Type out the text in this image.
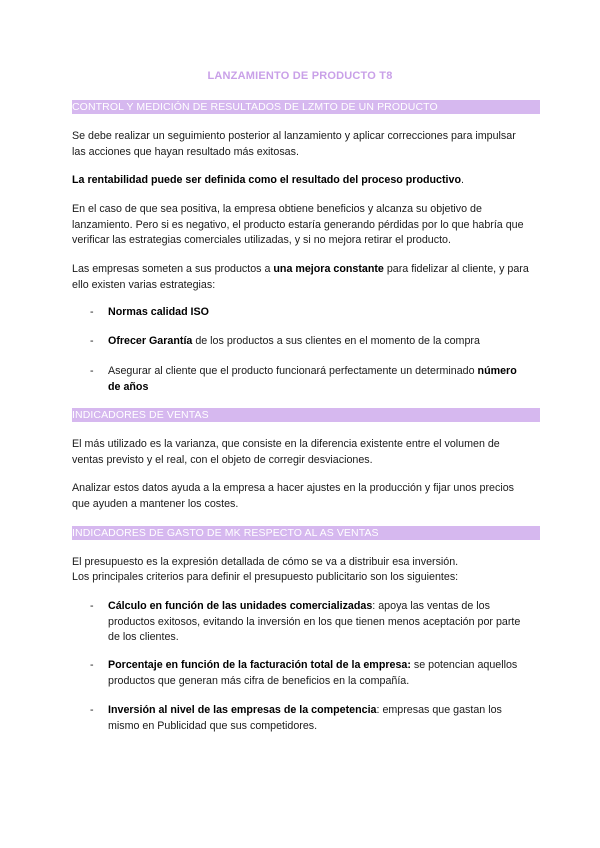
LANZAMIENTO DE PRODUCTO T8
CONTROL Y MEDICIÓN DE RESULTADOS DE LZMTO DE UN PRODUCTO

Se debe realizar un seguimiento posterior al lanzamiento y aplicar correcciones para impulsar las acciones que hayan resultado más exitosas.

La rentabilidad puede ser definida como el resultado del proceso productivo.

En el caso de que sea positiva, la empresa obtiene beneficios y alcanza su objetivo de lanzamiento. Pero si es negativo, el producto estaría generando pérdidas por lo que habría que verificar las estrategias comerciales utilizadas, y si no mejora retirar el producto.

Las empresas someten a sus productos a una mejora constante para fidelizar al cliente, y para ello existen varias estrategias:

- Normas calidad ISO

- Ofrecer Garantía de los productos a sus clientes en el momento de la compra

- Asegurar al cliente que el producto funcionará perfectamente un determinado número de años

INDICADORES DE VENTAS

El más utilizado es la varianza, que consiste en la diferencia existente entre el volumen de ventas previsto y el real, con el objeto de corregir desviaciones.

Analizar estos datos ayuda a la empresa a hacer ajustes en la producción y fijar unos precios que ayuden a mantener los costes.

INDICADORES DE GASTO DE MK RESPECTO AL AS VENTAS

El presupuesto es la expresión detallada de cómo se va a distribuir esa inversión.

Los principales criterios para definir el presupuesto publicitario son los siguientes:

- Cálculo en función de las unidades comercializadas: apoya las ventas de los productos exitosos, evitando la inversión en los que tienen menos aceptación por parte de los clientes.

- Porcentaje en función de la facturación total de la empresa: se potencian aquellos productos que generan más cifra de beneficios en la compañía.

- Inversión al nivel de las empresas de la competencia: empresas que gastan los mismo en Publicidad que sus competidores.
